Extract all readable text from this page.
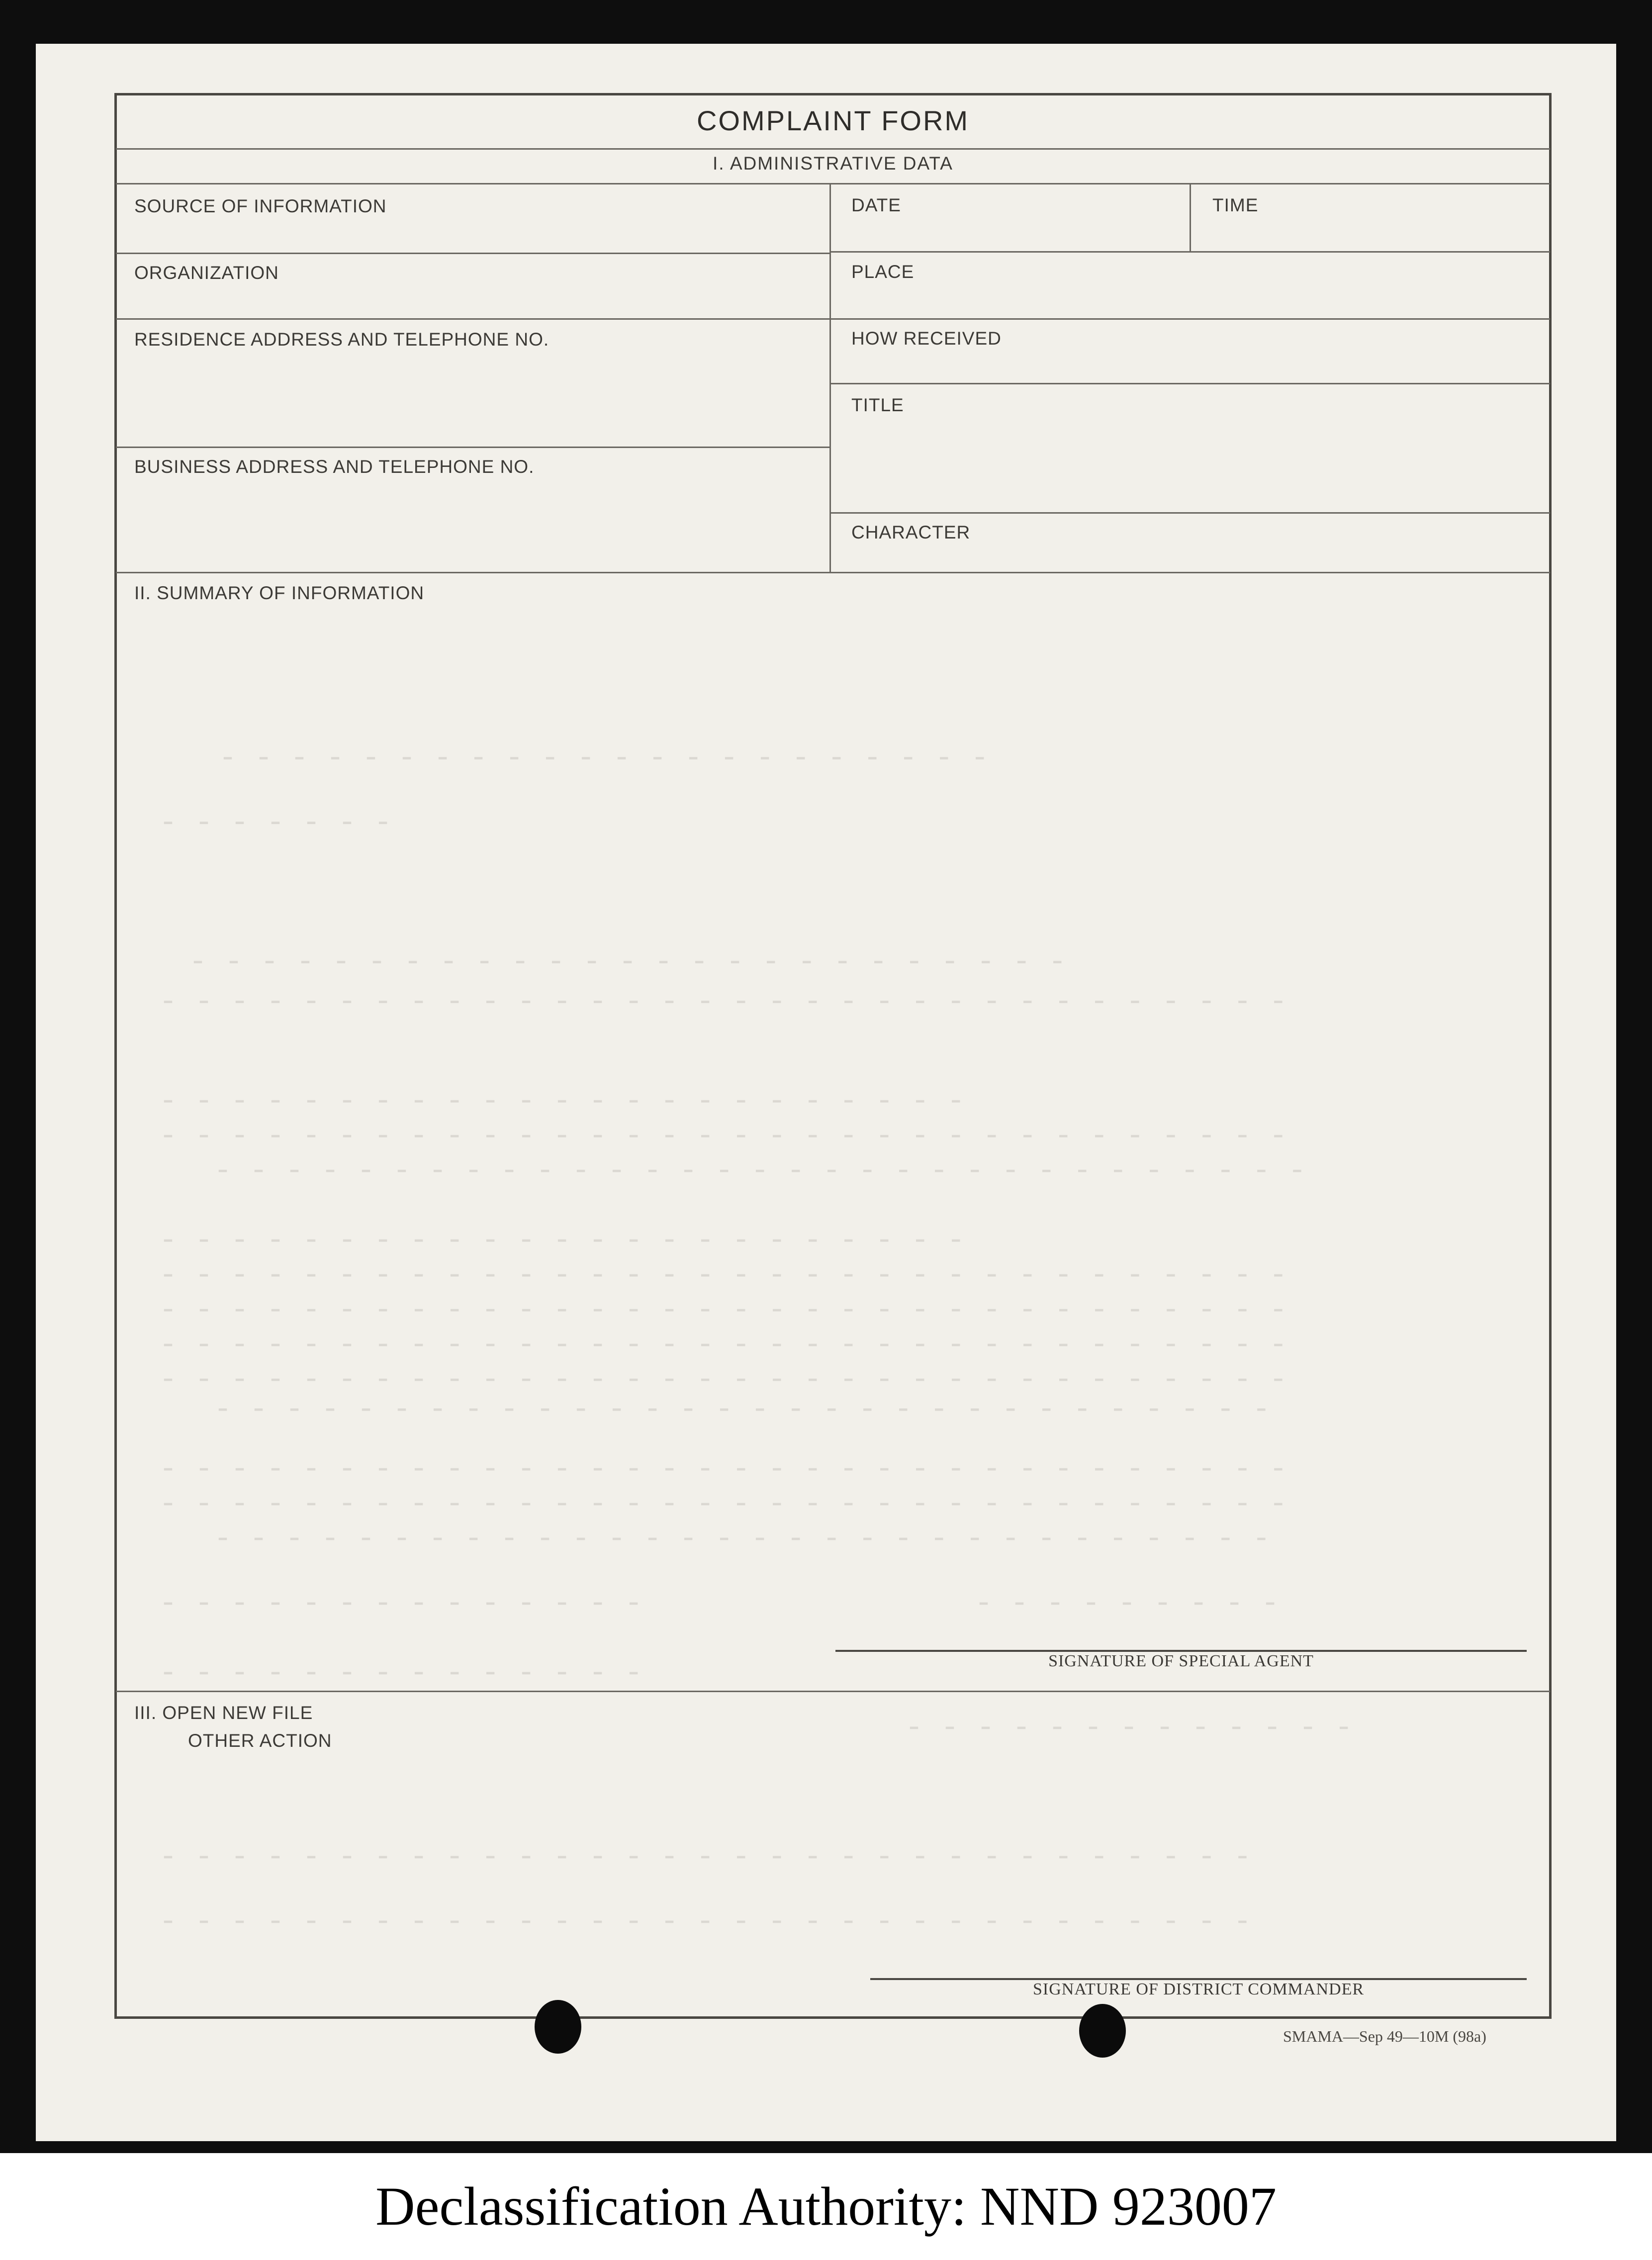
- - - - - - - - - - - - - - - - - - - - - -
- - - - - - -
- - - - - - - - - - - - - - - - - - - - - - - - -
- - - - - - - - - - - - - - - - - - - - - - - - - - - - - - - -
- - - - - - - - - - - - - - - - - - - - - - -
- - - - - - - - - - - - - - - - - - - - - - - - - - - - - - - -
- - - - - - - - - - - - - - - - - - - - - - - - - - - - - - -
- - - - - - - - - - - - - - - - - - - - - - -
- - - - - - - - - - - - - - - - - - - - - - - - - - - - - - - -
- - - - - - - - - - - - - - - - - - - - - - - - - - - - - - - -
- - - - - - - - - - - - - - - - - - - - - - - - - - - - - - - -
- - - - - - - - - - - - - - - - - - - - - - - - - - - - - - - -
- - - - - - - - - - - - - - - - - - - - - - - - - - - - - -
- - - - - - - - - - - - - - - - - - - - - - - - - - - - - - - -
- - - - - - - - - - - - - - - - - - - - - - - - - - - - - - - -
- - - - - - - - - - - - - - - - - - - - - - - - - - - - - -
- - - - - - - - - - - - - -	- - - - - - - - -
- - - - - - - - - - - - - -
- - - - - - - - - - - - -
- - - - - - - - - - - - - - - - - - - - - - - - - - - - - - -
- - - - - - - - - - - - - - - - - - - - - - - - - - - - - - -
COMPLAINT FORM
I. ADMINISTRATIVE DATA
SOURCE OF INFORMATION
ORGANIZATION
RESIDENCE ADDRESS AND TELEPHONE NO.
BUSINESS ADDRESS AND TELEPHONE NO.
DATE	TIME
PLACE
HOW RECEIVED
TITLE
CHARACTER
II. SUMMARY OF INFORMATION
SIGNATURE OF SPECIAL AGENT
III. OPEN NEW FILE
OTHER ACTION
SIGNATURE OF DISTRICT COMMANDER
SMAMA—Sep 49—10M (98a)
Declassification Authority: NND 923007
